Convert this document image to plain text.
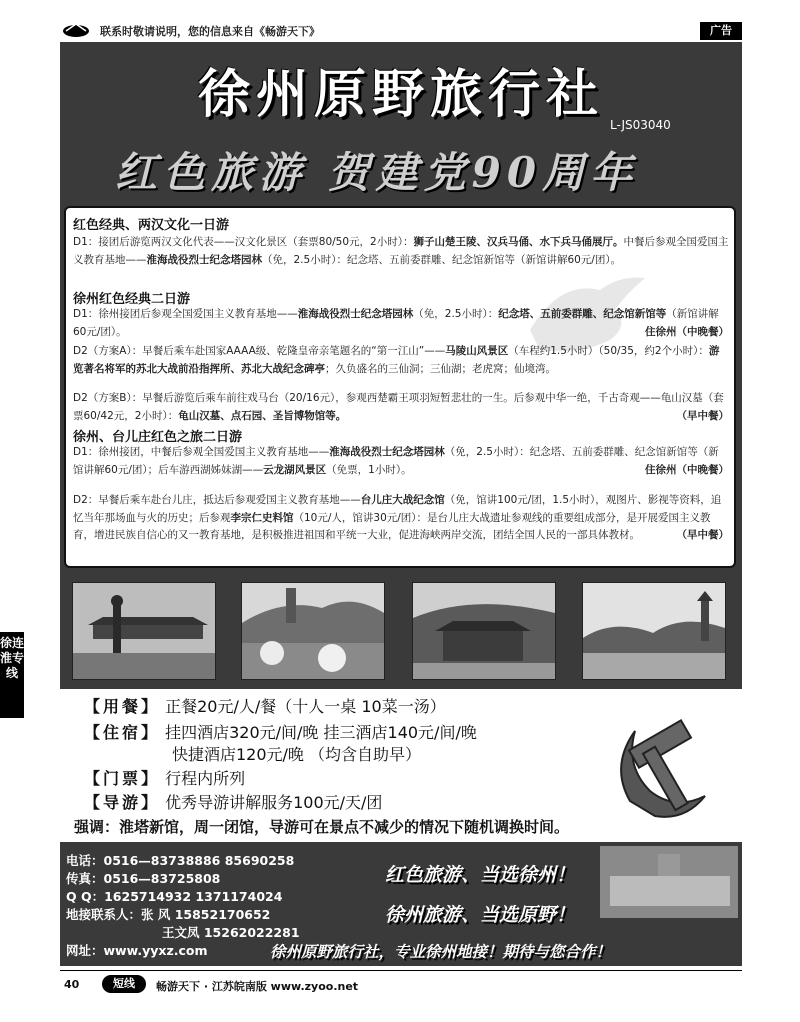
联系时敬请说明，您的信息来自《畅游天下》	广告
徐州原野旅行社 L-JS03040
红色旅游 贺建党90周年
红色经典、两汉文化一日游
D1：接团后游览两汉文化代表——汉文化景区（套票80/50元，2小时）：狮子山楚王陵、汉兵马俑、水下兵马俑展厅。中餐后参观全国爱国主义教育基地——淮海战役烈士纪念塔园林（免，2.5小时）：纪念塔、五前委群雕、纪念馆新馆等（新馆讲解60元/团）。
徐州红色经典二日游
D1：徐州接团后参观全国爱国主义教育基地——淮海战役烈士纪念塔园林（免，2.5小时）：纪念塔、五前委群雕、纪念馆新馆等（新馆讲解60元/团）。	住徐州（中晚餐）
D2（方案A）：早餐后乘车赴国家AAAA级、乾隆皇帝亲笔题名的“第一江山”——马陵山风景区（车程约1.5小时）（50/35，约2个小时）：游览著名将军的苏北大战前沿指挥所、苏北大战纪念碑亭；久负盛名的三仙洞；三仙湖；老虎窝；仙境湾。
D2（方案B）：早餐后游览后乘车前往戏马台（20/16元），参观西楚霸王项羽短暂悲壮的一生。后参观中华一绝，千古奇观——龟山汉墓（套票60/42元，2小时）：龟山汉墓、点石园、圣旨博物馆等。	（早中餐）
徐州、台儿庄红色之旅二日游
D1：徐州接团，中餐后参观全国爱国主义教育基地——淮海战役烈士纪念塔园林（免，2.5小时）：纪念塔、五前委群雕、纪念馆新馆等（新馆讲解60元/团）；后车游西湖姊妹湖——云龙湖风景区（免票，1小时）。	住徐州（中晚餐）
D2：早餐后乘车赴台儿庄，抵达后参观爱国主义教育基地——台儿庄大战纪念馆（免，馆讲100元/团，1.5小时），观图片、影视等资料，追忆当年那场血与火的历史；后参观李宗仁史料馆（10元/人，馆讲30元/团）：是台儿庄大战遗址参观线的重要组成部分，是开展爱国主义教育，增进民族自信心的又一教育基地，是积极推进祖国和平统一大业，促进海峡两岸交流，团结全国人民的一部具体教材。	（早中餐）
徐连淮专线
【用餐】 正餐20元/人/餐（十人一桌 10菜一汤）
【住宿】 挂四酒店320元/间/晚 挂三酒店140元/间/晚
快捷酒店120元/晚 （均含自助早）
【门票】 行程内所列
【导游】 优秀导游讲解服务100元/天/团
强调：淮塔新馆，周一闭馆，导游可在景点不减少的情况下随机调换时间。
电话：0516—83738886 85690258
传真：0516—83725808
Q Q：1625714932 1371174024
地接联系人：张 风 15852170652
王文凤 15262022281
网址：www.yyxz.com
红色旅游、当选徐州！
徐州旅游、当选原野！
徐州原野旅行社，专业徐州地接！期待与您合作！
40	短线	畅游天下 · 江苏皖南版 www.zyoo.net
